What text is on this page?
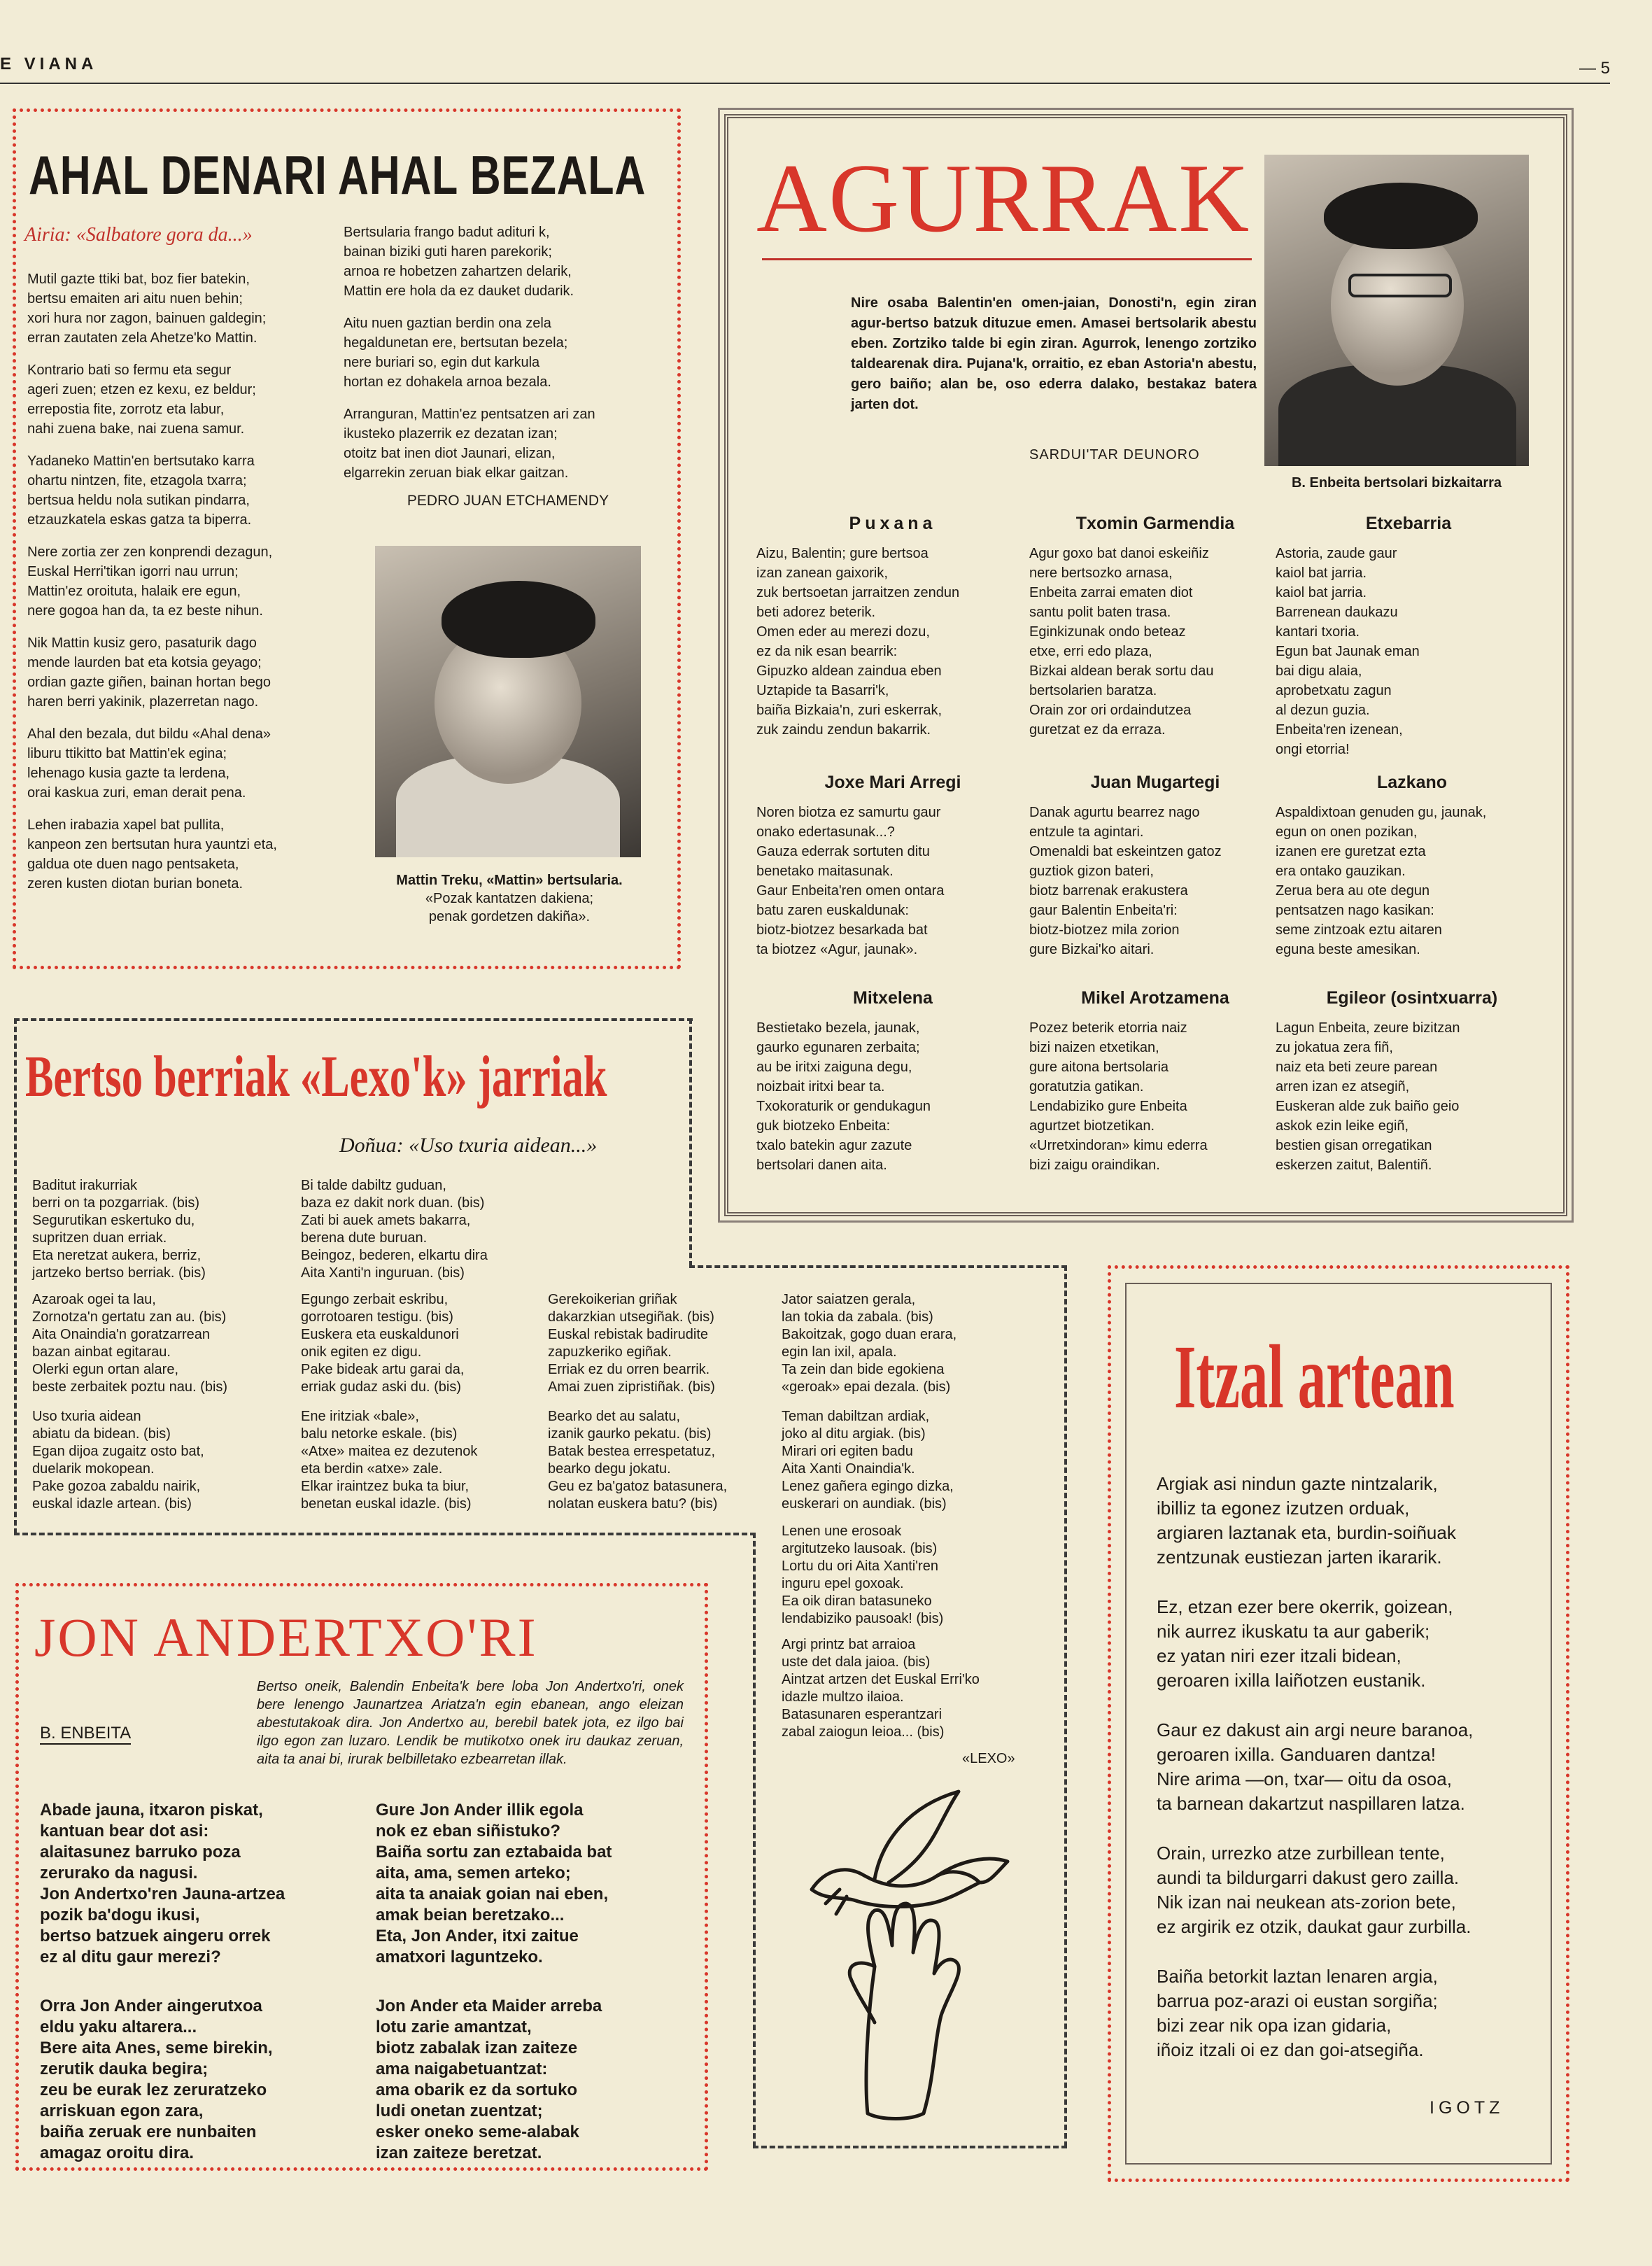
E VIANA	— 5
AHAL DENARI AHAL BEZALA
Airia: «Salbatore gora da...»

Mutil gazte ttiki bat, boz fier batekin,
bertsu emaiten ari aitu nuen behin;
xori hura nor zagon, bainuen galdegin;
erran zautaten zela Ahetze'ko Mattin.

Kontrario bati so fermu eta segur
ageri zuen; etzen ez kexu, ez beldur;
errepostia fite, zorrotz eta labur,
nahi zuena bake, nai zuena samur.

Yadaneko Mattin'en bertsutako karra
ohartu nintzen, fite, etzagola txarra;
bertsua heldu nola sutikan pindarra,
etzauzkatela eskas gatza ta biperra.

Nere zortia zer zen konprendi dezagun,
Euskal Herri'tikan igorri nau urrun;
Mattin'ez oroituta, halaik ere egun,
nere gogoa han da, ta ez beste nihun.

Nik Mattin kusiz gero, pasaturik dago
mende laurden bat eta kotsia geyago;
ordian gazte giñen, bainan hortan bego
haren berri yakinik, plazerretan nago.

Ahal den bezala, dut bildu «Ahal dena»
liburu ttikitto bat Mattin'ek egina;
lehenago kusia gazte ta lerdena,
orai kaskua zuri, eman derait pena.

Lehen irabazia xapel bat pullita,
kanpeon zen bertsutan hura yauntzi eta,
galdua ote duen nago pentsaketa,
zeren kusten diotan burian boneta.

Bertsularia frango badut adituri k,
bainan biziki guti haren parekorik;
arnoa re hobetzen zahartzen delarik,
Mattin ere hola da ez dauket dudarik.

Aitu nuen gaztian berdin ona zela
hegaldunetan ere, bertsutan bezela;
nere buriari so, egin dut karkula
hortan ez dohakela arnoa bezala.

Arranguran, Mattin'ez pentsatzen ari zan
ikusteko plazerrik ez dezatan izan;
otoitz bat inen diot Jaunari, elizan,
elgarrekin zeruan biak elkar gaitzan.

PEDRO JUAN ETCHAMENDY
Mattin Treku, «Mattin» bertsularia.
«Pozak kantatzen dakiena;
penak gordetzen dakiña».
AGURRAK
Nire osaba Balentin'en omen-jaian, Donosti'n, egin ziran agur-bertso batzuk dituzue emen. Amasei bertsolarik abestu eben. Zortziko talde bi egin ziran. Agurrok, lenengo zortziko taldearenak dira. Pujana'k, orraitio, ez eban Astoria'n abestu, gero baiño; alan be, oso ederra dalako, bestakaz batera jarten dot.
SARDUI'TAR DEUNORO
B. Enbeita bertsolari bizkaitarra
Puxana
Aizu, Balentin; gure bertsoa
izan zanean gaixorik,
zuk bertsoetan jarraitzen zendun
beti adorez beterik.
Omen eder au merezi dozu,
ez da nik esan bearrik:
Gipuzko aldean zaindua eben
Uztapide ta Basarri'k,
baiña Bizkaia'n, zuri eskerrak,
zuk zaindu zendun bakarrik.
Txomin Garmendia
Agur goxo bat danoi eskeiñiz
nere bertsozko arnasa,
Enbeita zarrai ematen diot
santu polit baten trasa.
Eginkizunak ondo beteaz
etxe, erri edo plaza,
Bizkai aldean berak sortu dau
bertsolarien baratza.
Orain zor ori ordaindutzea
guretzat ez da erraza.
Etxebarria
Astoria, zaude gaur
kaiol bat jarria.
kaiol bat jarria.
Barrenean daukazu
kantari txoria.
Egun bat Jaunak eman
bai digu alaia,
aprobetxatu zagun
al dezun guzia.
Enbeita'ren izenean,
ongi etorria!
Joxe Mari Arregi
Noren biotza ez samurtu gaur
onako edertasunak...?
Gauza ederrak sortuten ditu
benetako maitasunak.
Gaur Enbeita'ren omen ontara
batu zaren euskaldunak:
biotz-biotzez besarkada bat
ta biotzez «Agur, jaunak».
Juan Mugartegi
Danak agurtu bearrez nago
entzule ta agintari.
Omenaldi bat eskeintzen gatoz
guztiok gizon bateri,
biotz barrenak erakustera
gaur Balentin Enbeita'ri:
biotz-biotzez mila zorion
gure Bizkai'ko aitari.
Lazkano
Aspaldixtoan genuden gu, jaunak,
egun on onen pozikan,
izanen ere guretzat ezta
era ontako gauzikan.
Zerua bera au ote degun
pentsatzen nago kasikan:
seme zintzoak eztu aitaren
eguna beste amesikan.
Mitxelena
Bestietako bezela, jaunak,
gaurko egunaren zerbaita;
au be iritxi zaiguna degu,
noizbait iritxi bear ta.
Txokoraturik or gendukagun
guk biotzeko Enbeita:
txalo batekin agur zazute
bertsolari danen aita.
Mikel Arotzamena
Pozez beterik etorria naiz
bizi naizen etxetikan,
gure aitona bertsolaria
goratutzia gatikan.
Lendabiziko gure Enbeita
agurtzet biotzetikan.
«Urretxindoran» kimu ederra
bizi zaigu oraindikan.
Egileor (osintxuarra)
Lagun Enbeita, zeure bizitzan
zu jokatua zera fiñ,
naiz eta beti zeure parean
arren izan ez atsegiñ,
Euskeran alde zuk baiño geio
askok ezin leike egiñ,
bestien gisan orregatikan
eskerzen zaitut, Balentiñ.
Bertso berriak «Lexo'k» jarriak
Doñua: «Uso txuria aidean...»
Baditut irakurriak
berri on ta pozgarriak. (bis)
Segurutikan eskertuko du,
supritzen duan erriak.
Eta neretzat aukera, berriz,
jartzeko bertso berriak. (bis)
Bi talde dabiltz guduan,
baza ez dakit nork duan. (bis)
Zati bi auek amets bakarra,
berena dute buruan.
Beingoz, bederen, elkartu dira
Aita Xanti'n inguruan. (bis)
Azaroak ogei ta lau,
Zornotza'n gertatu zan au. (bis)
Aita Onaindia'n goratzarrean
bazan ainbat egitarau.
Olerki egun ortan alare,
beste zerbaitek poztu nau. (bis)
Egungo zerbait eskribu,
gorrotoaren testigu. (bis)
Euskera eta euskaldunori
onik egiten ez digu.
Pake bideak artu garai da,
erriak gudaz aski du. (bis)
Gerekoikerian griñak
dakarzkian utsegiñak. (bis)
Euskal rebistak badirudite
zapuzkeriko egiñak.
Erriak ez du orren bearrik.
Amai zuen zipristiñak. (bis)
Jator saiatzen gerala,
lan tokia da zabala. (bis)
Bakoitzak, gogo duan erara,
egin lan ixil, apala.
Ta zein dan bide egokiena
«geroak» epai dezala. (bis)
Uso txuria aidean
abiatu da bidean. (bis)
Egan dijoa zugaitz osto bat,
duelarik mokopean.
Pake gozoa zabaldu nairik,
euskal idazle artean. (bis)
Ene iritziak «bale»,
balu netorke eskale. (bis)
«Atxe» maitea ez dezutenok
eta berdin «atxe» zale.
Elkar iraintzez buka ta biur,
benetan euskal idazle. (bis)
Bearko det au salatu,
izanik gaurko pekatu. (bis)
Batak bestea errespetatuz,
bearko degu jokatu.
Geu ez ba'gatoz batasunera,
nolatan euskera batu? (bis)
Teman dabiltzan ardiak,
joko al ditu argiak. (bis)
Mirari ori egiten badu
Aita Xanti Onaindia'k.
Lenez gañera egingo dizka,
euskerari on aundiak. (bis)
Lenen une erosoak
argitutzeko lausoak. (bis)
Lortu du ori Aita Xanti'ren
inguru epel goxoak.
Ea oik diran batasuneko
lendabiziko pausoak! (bis)
Argi printz bat arraioa
uste det dala jaioa. (bis)
Aintzat artzen det Euskal Erri'ko
idazle multzo ilaioa.
Batasunaren esperantzari
zabal zaiogun leioa... (bis)
«LEXO»
JON ANDERTXO'RI
B. ENBEITA
Bertso oneik, Balendin Enbeita'k bere loba Jon Andertxo'ri, onek bere lenengo Jaunartzea Ariatza'n egin ebanean, ango eleizan abestutakoak dira. Jon Andertxo au, berebil batek jota, ez ilgo bai ilgo egon zan luzaro. Lendik be mutikotxo onek iru daukaz zeruan, aita ta anai bi, irurak belbilletako ezbearretan illak.
Abade jauna, itxaron piskat,
kantuan bear dot asi:
alaitasunez barruko poza
zerurako da nagusi.
Jon Andertxo'ren Jauna-artzea
pozik ba'dogu ikusi,
bertso batzuek aingeru orrek
ez al ditu gaur merezi?
Orra Jon Ander aingerutxoa
eldu yaku altarera...
Bere aita Anes, seme birekin,
zerutik dauka begira;
zeu be eurak lez zeruratzeko
arriskuan egon zara,
baiña zeruak ere nunbaiten
amagaz oroitu dira.
Gure Jon Ander illik egola
nok ez eban siñistuko?
Baiña sortu zan eztabaida bat
aita, ama, semen arteko;
aita ta anaiak goian nai eben,
amak beian beretzako...
Eta, Jon Ander, itxi zaitue
amatxori laguntzeko.
Jon Ander eta Maider arreba
lotu zarie amantzat,
biotz zabalak izan zaiteze
ama naigabetuantzat:
ama obarik ez da sortuko
ludi onetan zuentzat;
esker oneko seme-alabak
izan zaiteze beretzat.
Itzal artean
Argiak asi nindun gazte nintzalarik,
ibilliz ta egonez izutzen orduak,
argiaren laztanak eta, burdin-soiñuak
zentzunak eustiezan jarten ikararik.
Ez, etzan ezer bere okerrik, goizean,
nik aurrez ikuskatu ta aur gaberik;
ez yatan niri ezer itzali bidean,
geroaren ixilla laiñotzen eustanik.
Gaur ez dakust ain argi neure baranoa,
geroaren ixilla. Ganduaren dantza!
Nire arima —on, txar— oitu da osoa,
ta barnean dakartzut naspillaren latza.
Orain, urrezko atze zurbillean tente,
aundi ta bildurgarri dakust gero zailla.
Nik izan nai neukean ats-zorion bete,
ez argirik ez otzik, daukat gaur zurbilla.
Baiña betorkit laztan lenaren argia,
barrua poz-arazi oi eustan sorgiña;
bizi zear nik opa izan gidaria,
iñoiz itzali oi ez dan goi-atsegiña.
IGOTZ
